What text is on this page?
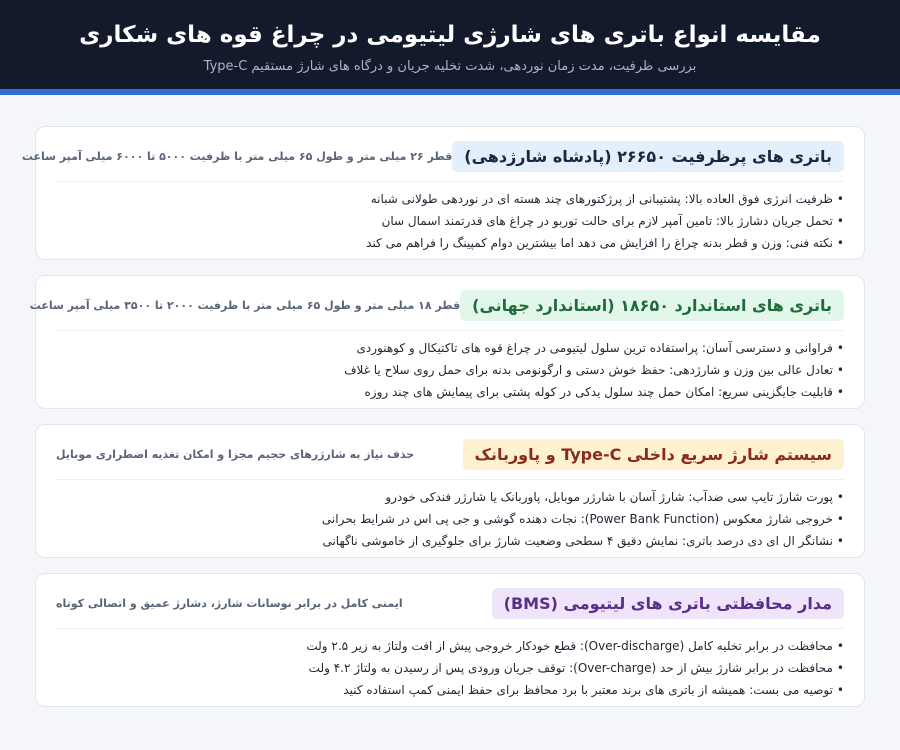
مقایسه انواع باتری های شارژی لیتیومی در چراغ قوه های شکاری
بررسی ظرفیت، مدت زمان نوردهی، شدت تخلیه جریان و درگاه های شارژ مستقیم Type-C
باتری های پرظرفیت ۲۶۶۵۰ (پادشاه شارژدهی)
قطر ۲۶ میلی متر و طول ۶۵ میلی متر با ظرفیت ۵۰۰۰ تا ۶۰۰۰ میلی آمپر ساعت
•ظرفیت انرژی فوق العاده بالا: پشتیبانی از پرژکتورهای چند هسته ای در نوردهی طولانی شبانه
•تحمل جریان دشارژ بالا: تامین آمپر لازم برای حالت توربو در چراغ های قدرتمند اسمال سان
•نکته فنی: وزن و قطر بدنه چراغ را افزایش می دهد اما بیشترین دوام کمپینگ را فراهم می کند
باتری های استاندارد ۱۸۶۵۰ (استاندارد جهانی)
قطر ۱۸ میلی متر و طول ۶۵ میلی متر با ظرفیت ۲۰۰۰ تا ۳۵۰۰ میلی آمپر ساعت
•فراوانی و دسترسی آسان: پراستفاده ترین سلول لیتیومی در چراغ قوه های تاکتیکال و کوهنوردی
•تعادل عالی بین وزن و شارژدهی: حفظ خوش دستی و ارگونومی بدنه برای حمل روی سلاح یا غلاف
•قابلیت جایگزینی سریع: امکان حمل چند سلول یدکی در کوله پشتی برای پیمایش های چند روزه
سیستم شارژ سریع داخلی Type-C و پاوربانک
حذف نیاز به شارژرهای حجیم مجزا و امکان تغذیه اضطراری موبایل
•پورت شارژ تایپ سی ضدآب: شارژ آسان با شارژر موبایل، پاوربانک یا شارژر فندکی خودرو
•خروجی شارژ معکوس (Power Bank Function): نجات دهنده گوشی و جی پی اس در شرایط بحرانی
•نشانگر ال ای دی درصد باتری: نمایش دقیق ۴ سطحی وضعیت شارژ برای جلوگیری از خاموشی ناگهانی
مدار محافظتی باتری های لیتیومی (BMS)
ایمنی کامل در برابر نوسانات شارژ، دشارژ عمیق و اتصالی کوتاه
•محافظت در برابر تخلیه کامل (Over-discharge): قطع خودکار خروجی پیش از افت ولتاژ به زیر ۲.۵ ولت
•محافظت در برابر شارژ بیش از حد (Over-charge): توقف جریان ورودی پس از رسیدن به ولتاژ ۴.۲ ولت
•توصیه می بست: همیشه از باتری های برند معتبر با برد محافظ برای حفظ ایمنی کمپ استفاده کنید
